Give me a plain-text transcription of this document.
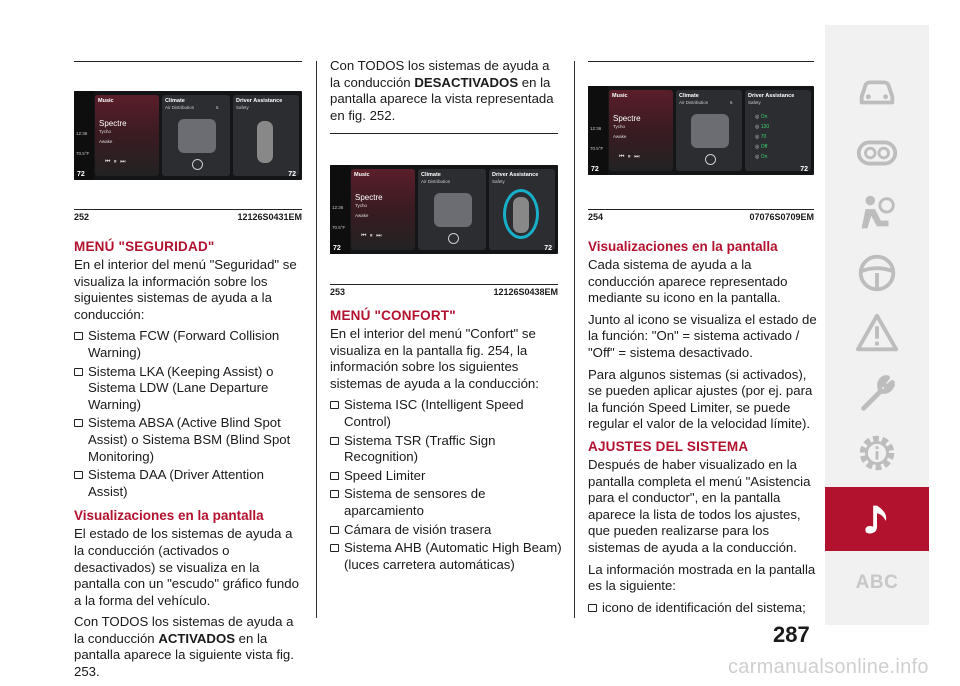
12:36
70.5°F
Music
Spectre
Tycho
Awake
⏮  ⏸  ⏭
Climate
Air Distribution	6
Driver Assistance
Safety
72	72
252	12126S0431EM
MENÚ "SEGURIDAD"

En el interior del menú "Seguridad" se visualiza la información sobre los siguientes sistemas de ayuda a la conducción:

Sistema FCW (Forward Collision Warning)
Sistema LKA (Keeping Assist) o Sistema LDW (Lane Departure Warning)
Sistema ABSA (Active Blind Spot Assist) o Sistema BSM (Blind Spot Monitoring)
Sistema DAA (Driver Attention Assist)
Visualizaciones en la pantalla

El estado de los sistemas de ayuda a la conducción (activados o desactivados) se visualiza en la pantalla con un "escudo" gráfico fundo a la forma del vehículo.

Con TODOS los sistemas de ayuda a la conducción ACTIVADOS en la pantalla aparece la siguiente vista fig. 253.

Con TODOS los sistemas de ayuda a la conducción DESACTIVADOS en la pantalla aparece la vista representada en fig. 252.

12:36
70.5°F
Music
Spectre
Tycho
Awake
⏮  ⏸  ⏭
Climate
Air Distribution
Driver Assistance
Safety
72	72
253	12126S0438EM
MENÚ "CONFORT"

En el interior del menú "Confort" se visualiza en la pantalla fig. 254, la información sobre los siguientes sistemas de ayuda a la conducción:

Sistema ISC (Intelligent Speed Control)
Sistema TSR (Traffic Sign Recognition)
Speed Limiter
Sistema de sensores de aparcamiento
Cámara de visión trasera
Sistema AHB (Automatic High Beam) (luces carretera automáticas)
12:36
70.5°F
Music
Spectre
Tycho
Awake
⏮  ⏸  ⏭
Climate
Air Distribution	6
Driver Assistance
Safety
◎ On
◎ 130
◎ 70
◎ Off
◎ On
72	72
254	07076S0709EM
Visualizaciones en la pantalla

Cada sistema de ayuda a la conducción aparece representado mediante su icono en la pantalla.

Junto al icono se visualiza el estado de la función: "On" = sistema activado / "Off" = sistema desactivado.

Para algunos sistemas (si activados), se pueden aplicar ajustes (por ej. para la función Speed Limiter, se puede regular el valor de la velocidad límite).

AJUSTES DEL SISTEMA

Después de haber visualizado en la pantalla completa el menú "Asistencia para el conductor", en la pantalla aparece la lista de todos los ajustes, que pueden realizarse para los sistemas de ayuda a la conducción.

La información mostrada en la pantalla es la siguiente:

icono de identificación del sistema;
287
carmanualsonline.info
ABC
